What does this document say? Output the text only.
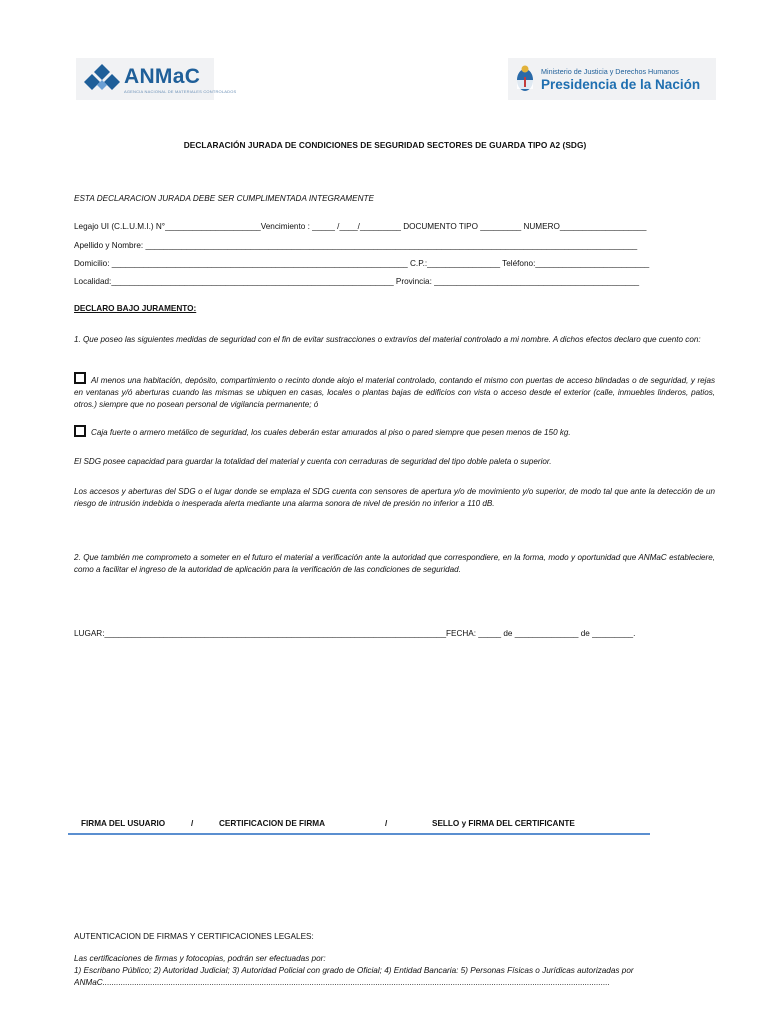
ANMaC
AGENCIA NACIONAL DE MATERIALES CONTROLADOS
Ministerio de Justicia y Derechos Humanos
Presidencia de la Nación
DECLARACIÓN JURADA DE CONDICIONES DE SEGURIDAD SECTORES DE GUARDA TIPO A2 (SDG)
ESTA DECLARACION JURADA DEBE SER CUMPLIMENTADA INTEGRAMENTE
Legajo UI (C.L.U.M.I.) N°_____________________Vencimiento : _____ /____/_________ DOCUMENTO TIPO _________ NUMERO___________________
Apellido y Nombre: ____________________________________________________________________________________________________________
Domicilio: _________________________________________________________________ C.P.:________________ Teléfono:_________________________
Localidad:______________________________________________________________ Provincia: _____________________________________________
DECLARO BAJO JURAMENTO:
1. Que poseo las siguientes medidas de seguridad con el fin de evitar sustracciones o extravíos del material controlado a mi nombre. A dichos efectos declaro que cuento con:
Al menos una habitación, depósito, compartimiento o recinto donde alojo el material controlado, contando el mismo con puertas de acceso blindadas o de seguridad, y rejas en ventanas y/ó aberturas cuando las mismas se ubiquen en casas, locales o plantas bajas de edificios con vista o acceso desde el exterior (calle, inmuebles linderos, patios, otros.) siempre que no posean personal de vigilancia permanente; ó
Caja fuerte o armero metálico de seguridad, los cuales deberán estar amurados al piso o pared siempre que pesen menos de 150 kg.
El SDG posee capacidad para guardar la totalidad del material y cuenta con cerraduras de seguridad del tipo doble paleta o superior.
Los accesos y aberturas del SDG o el lugar donde se emplaza el SDG cuenta con sensores de apertura y/o de movimiento y/o superior, de modo tal que ante la detección de un riesgo de intrusión indebida o inesperada alerta mediante una alarma sonora de nivel de presión no inferior a 110 dB.
2. Que también me comprometo a someter en el futuro el material a verificación ante la autoridad que correspondiere, en la forma, modo y oportunidad que ANMaC estableciere, como a facilitar el ingreso de la autoridad de aplicación para la verificación de las condiciones de seguridad.
LUGAR:___________________________________________________________________________FECHA: _____ de ______________ de _________.
FIRMA DEL USUARIO	/	CERTIFICACION DE FIRMA	/	SELLO y FIRMA DEL CERTIFICANTE
AUTENTICACION DE FIRMAS Y CERTIFICACIONES LEGALES:
Las certificaciones de firmas y fotocopias, podrán ser efectuadas por:
1) Escribano Público; 2) Autoridad Judicial; 3) Autoridad Policial con grado de Oficial; 4) Entidad Bancaria: 5) Personas Físicas o Jurídicas autorizadas por
ANMaC...............................................................................................................................................................................................................................
